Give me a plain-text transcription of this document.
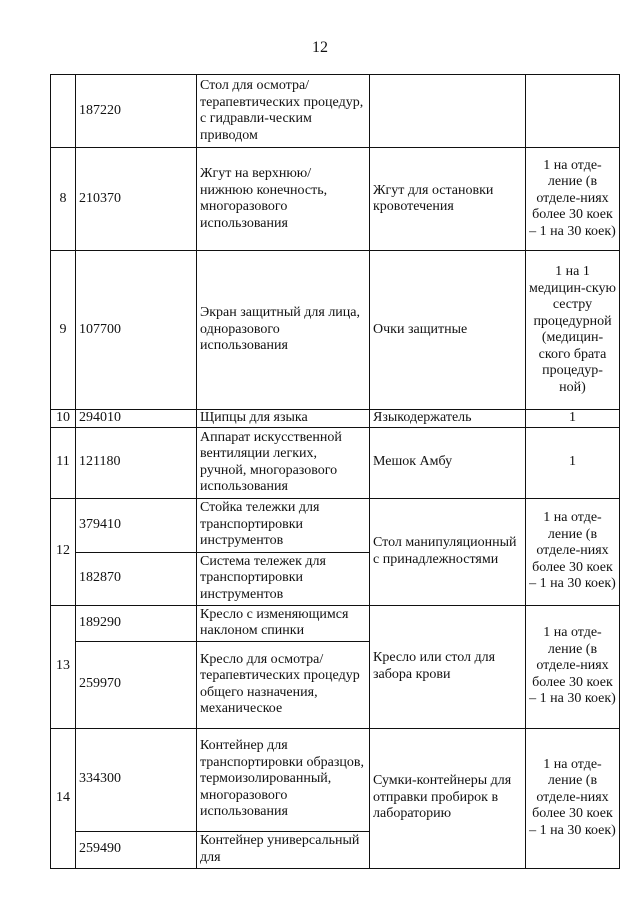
12
	187220	Стол для осмотра/терапевтических процедур, с гидравли-ческим приводом		
8	210370	Жгут на верхнюю/ нижнюю конечность, многоразового использования	Жгут для остановки кровотечения	1 на отде-ление (в отделе-ниях более 30 коек – 1 на 30 коек)
9	107700	Экран защитный для лица, одноразового использования	Очки защитные	1 на 1 медицин-скую сестру процедурной (медицин-ского брата процедур-ной)
10	294010	Щипцы для языка	Языкодержатель	1
11	121180	Аппарат искусственной вентиляции легких, ручной, многоразового использования	Мешок Амбу	1
12	379410	Стойка тележки для транспортировки инструментов	Стол манипуляционный с принадлежностями	1 на отде-ление (в отделе-ниях более 30 коек – 1 на 30 коек)
	182870	Система тележек для транспортировки инструментов		
13	189290	Кресло с изменяющимся наклоном спинки	Кресло или стол для забора крови	1 на отде-ление (в отделе-ниях более 30 коек – 1 на 30 коек)
	259970	Кресло для осмотра/терапевтических процедур общего назначения, механическое		
14	334300	Контейнер для транспортировки образцов, термоизолированный, многоразового использования	Сумки-контейнеры для отправки пробирок в лабораторию	1 на отде-ление (в отделе-ниях более 30 коек – 1 на 30 коек)
	259490	Контейнер универсальный для		
